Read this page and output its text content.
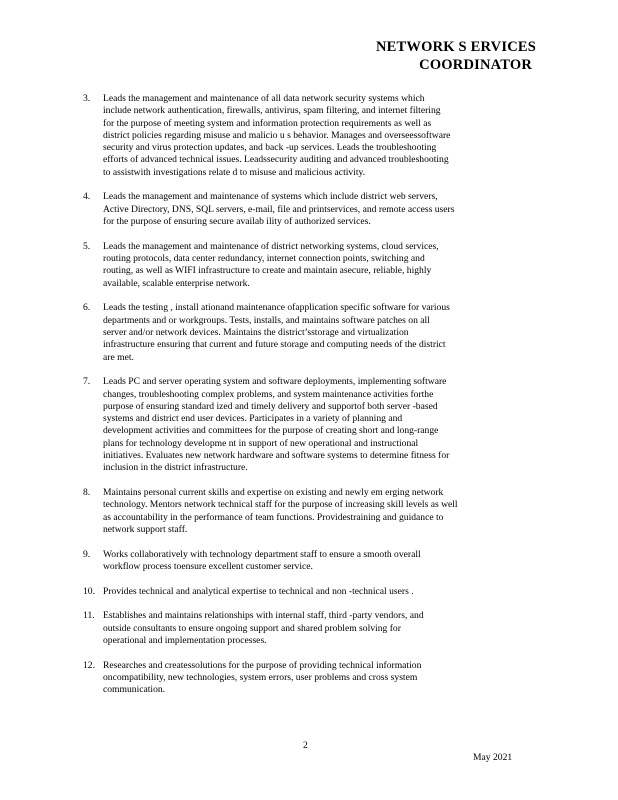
NETWORK S ERVICES
COORDINATOR
3.	Leads the management and maintenance of all data network security systems which
include network authentication, firewalls, antivirus, spam filtering, and internet filtering
for the purpose of meeting system and information protection requirements as well as
district policies regarding misuse and malicio u s behavior. Manages and overseessoftware
security and virus protection updates, and back -up services. Leads the troubleshooting
efforts of advanced technical issues. Leadssecurity auditing and advanced troubleshooting
to assistwith investigations relate d to misuse and malicious activity.
4.	Leads the management and maintenance of systems which include district web servers,
Active Directory, DNS, SQL servers, e-mail, file and printservices, and remote access users
for the purpose of ensuring secure availab ility of authorized services.
5.	Leads the management and maintenance of district networking systems, cloud services,
routing protocols, data center redundancy, internet connection points, switching and
routing, as well as WIFI infrastructure to create and maintain asecure, reliable, highly
available, scalable enterprise network.
6.	Leads the testing , install ationand maintenance ofapplication specific software for various
departments and or workgroups. Tests, installs, and maintains software patches on all
server and/or network devices. Maintains the district’sstorage and virtualization
infrastructure ensuring that current and future storage and computing needs of the district
are met.
7.	Leads PC and server operating system and software deployments, implementing software
changes, troubleshooting complex problems, and system maintenance activities forthe
purpose of ensuring standard ized and timely delivery and supportof both server -based
systems and district end user devices. Participates in a variety of planning and
development activities and committees for the purpose of creating short and long-range
plans for technology developme nt in support of new operational and instructional
initiatives. Evaluates new network hardware and software systems to determine fitness for
inclusion in the district infrastructure.
8.	Maintains personal current skills and expertise on existing and newly em erging network
technology. Mentors network technical staff for the purpose of increasing skill levels as well
as accountability in the performance of team functions. Providestraining and guidance to
network support staff.
9.	Works collaboratively with technology department staff to ensure a smooth overall
workflow process toensure excellent customer service.
10. Provides technical and analytical expertise to technical and non -technical users .
11. Establishes and maintains relationships with internal staff, third -party vendors, and
outside consultants to ensure ongoing support and shared problem solving for
operational and implementation processes.
12. Researches and createssolutions for the purpose of providing technical information
oncompatibility, new technologies, system errors, user problems and cross system
communication.
2
May 2021
